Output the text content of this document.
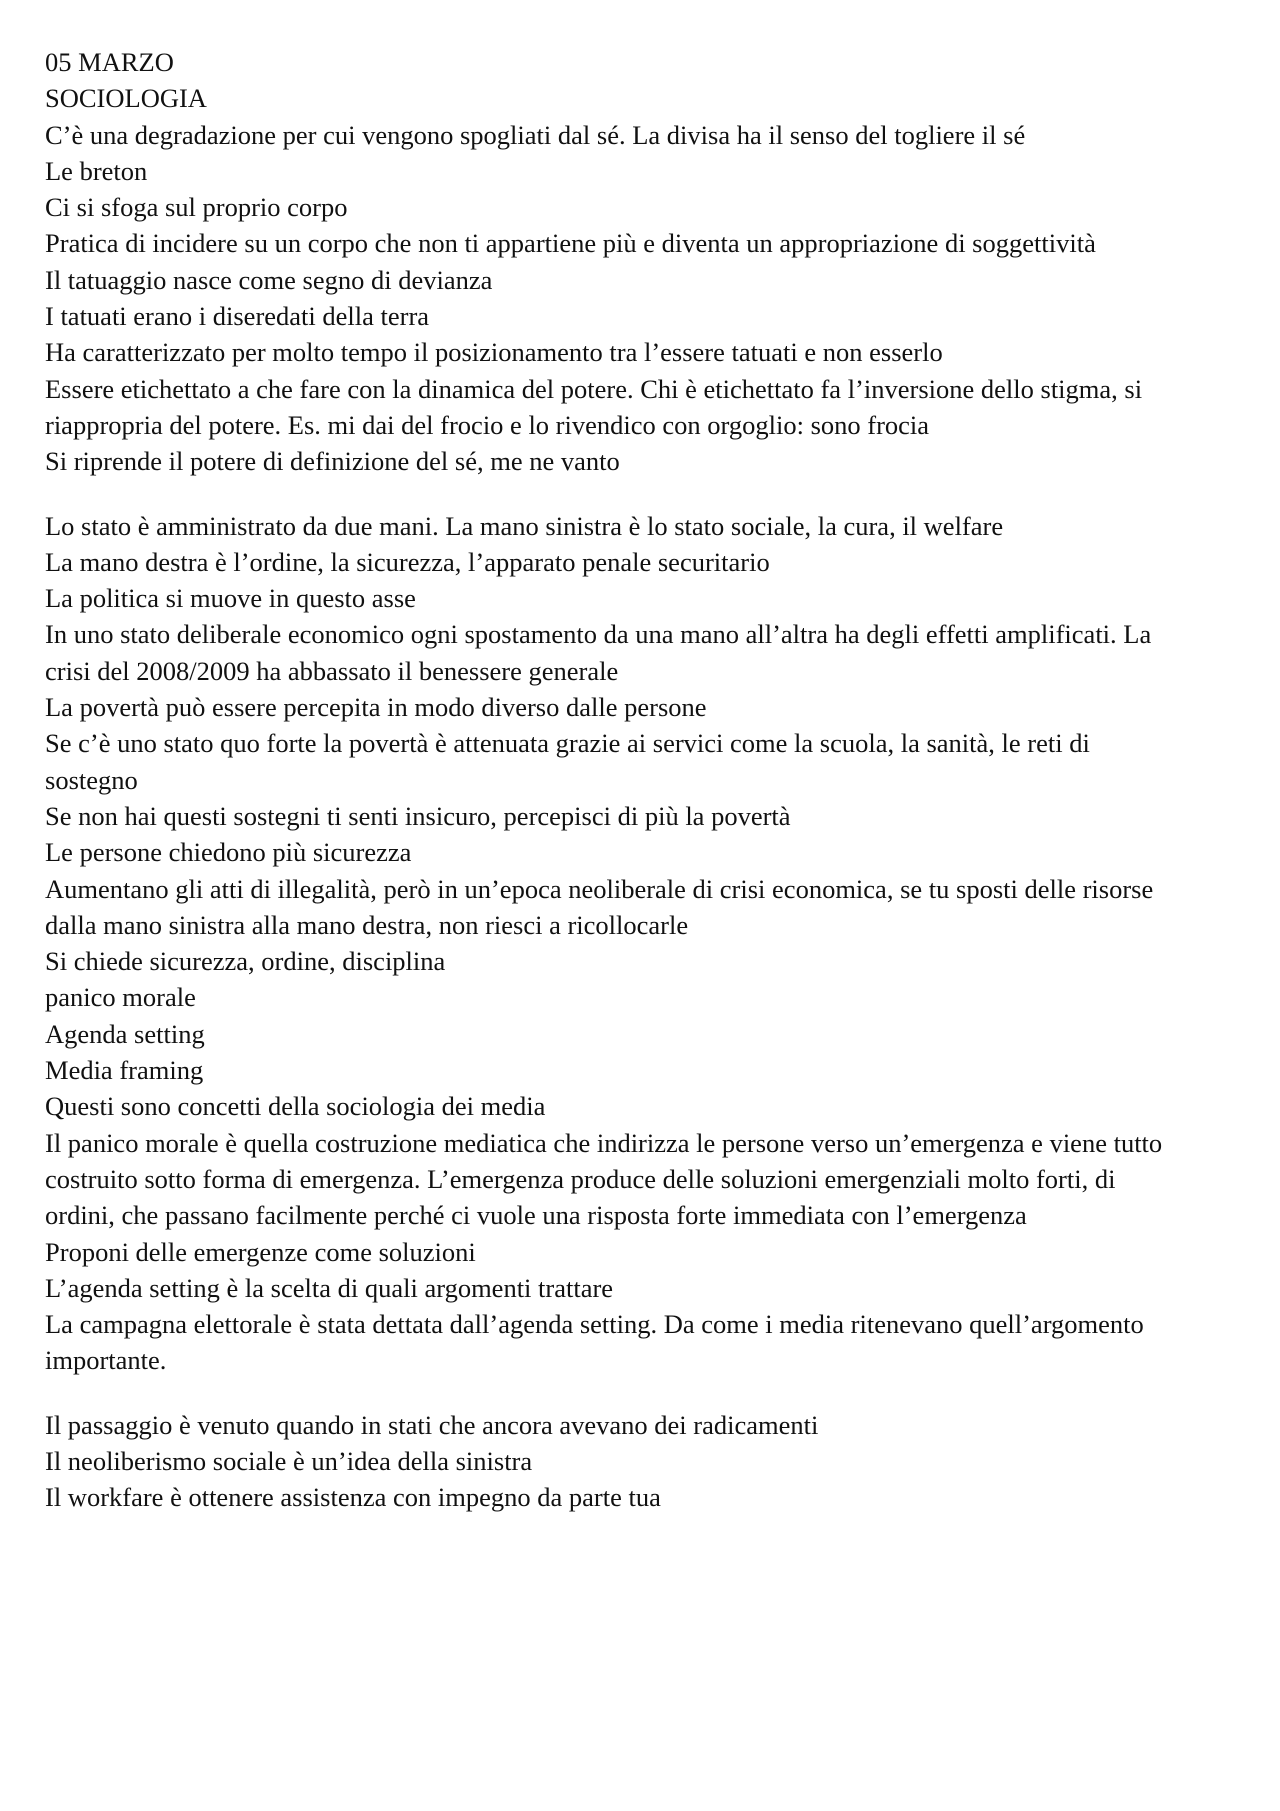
05 MARZO
SOCIOLOGIA
C’è una degradazione per cui vengono spogliati dal sé. La divisa ha il senso del togliere il sé
Le breton
Ci si sfoga sul proprio corpo
Pratica di incidere su un corpo che non ti appartiene più e diventa un appropriazione di soggettività
Il tatuaggio nasce come segno di devianza
I tatuati erano i diseredati della terra
Ha caratterizzato per molto tempo il posizionamento tra l’essere tatuati e non esserlo
Essere etichettato a che fare con la dinamica del potere. Chi è etichettato fa l’inversione dello stigma, si riappropria del potere. Es. mi dai del frocio e lo rivendico con orgoglio: sono frocia
Si riprende il potere di definizione del sé, me ne vanto
Lo stato è amministrato da due mani. La mano sinistra è lo stato sociale, la cura, il welfare
La mano destra è l’ordine, la sicurezza, l’apparato penale securitario
La politica si muove in questo asse
In uno stato deliberale economico ogni spostamento da una mano all’altra ha degli effetti amplificati. La crisi del 2008/2009 ha abbassato il benessere generale
La povertà può essere percepita in modo diverso dalle persone
Se c’è uno stato quo forte la povertà è attenuata grazie ai servici come la scuola, la sanità, le reti di sostegno
Se non hai questi sostegni ti senti insicuro, percepisci di più la povertà
Le persone chiedono più sicurezza
Aumentano gli atti di illegalità, però in un’epoca neoliberale di crisi economica, se tu sposti delle risorse dalla mano sinistra alla mano destra, non riesci a ricollocarle
Si chiede sicurezza, ordine, disciplina
panico morale
Agenda setting
Media framing
Questi sono concetti della sociologia dei media
Il panico morale è quella costruzione mediatica che indirizza le persone verso un’emergenza e viene tutto costruito sotto forma di emergenza. L’emergenza produce delle soluzioni emergenziali molto forti, di ordini, che passano facilmente perché ci vuole una risposta forte immediata con l’emergenza
Proponi delle emergenze come soluzioni
L’agenda setting è la scelta di quali argomenti trattare
La campagna elettorale è stata dettata dall’agenda setting. Da come i media ritenevano quell’argomento importante.
Il passaggio è venuto quando in stati che ancora avevano dei radicamenti
Il neoliberismo sociale è un’idea della sinistra
Il workfare è ottenere assistenza con impegno da parte tua
